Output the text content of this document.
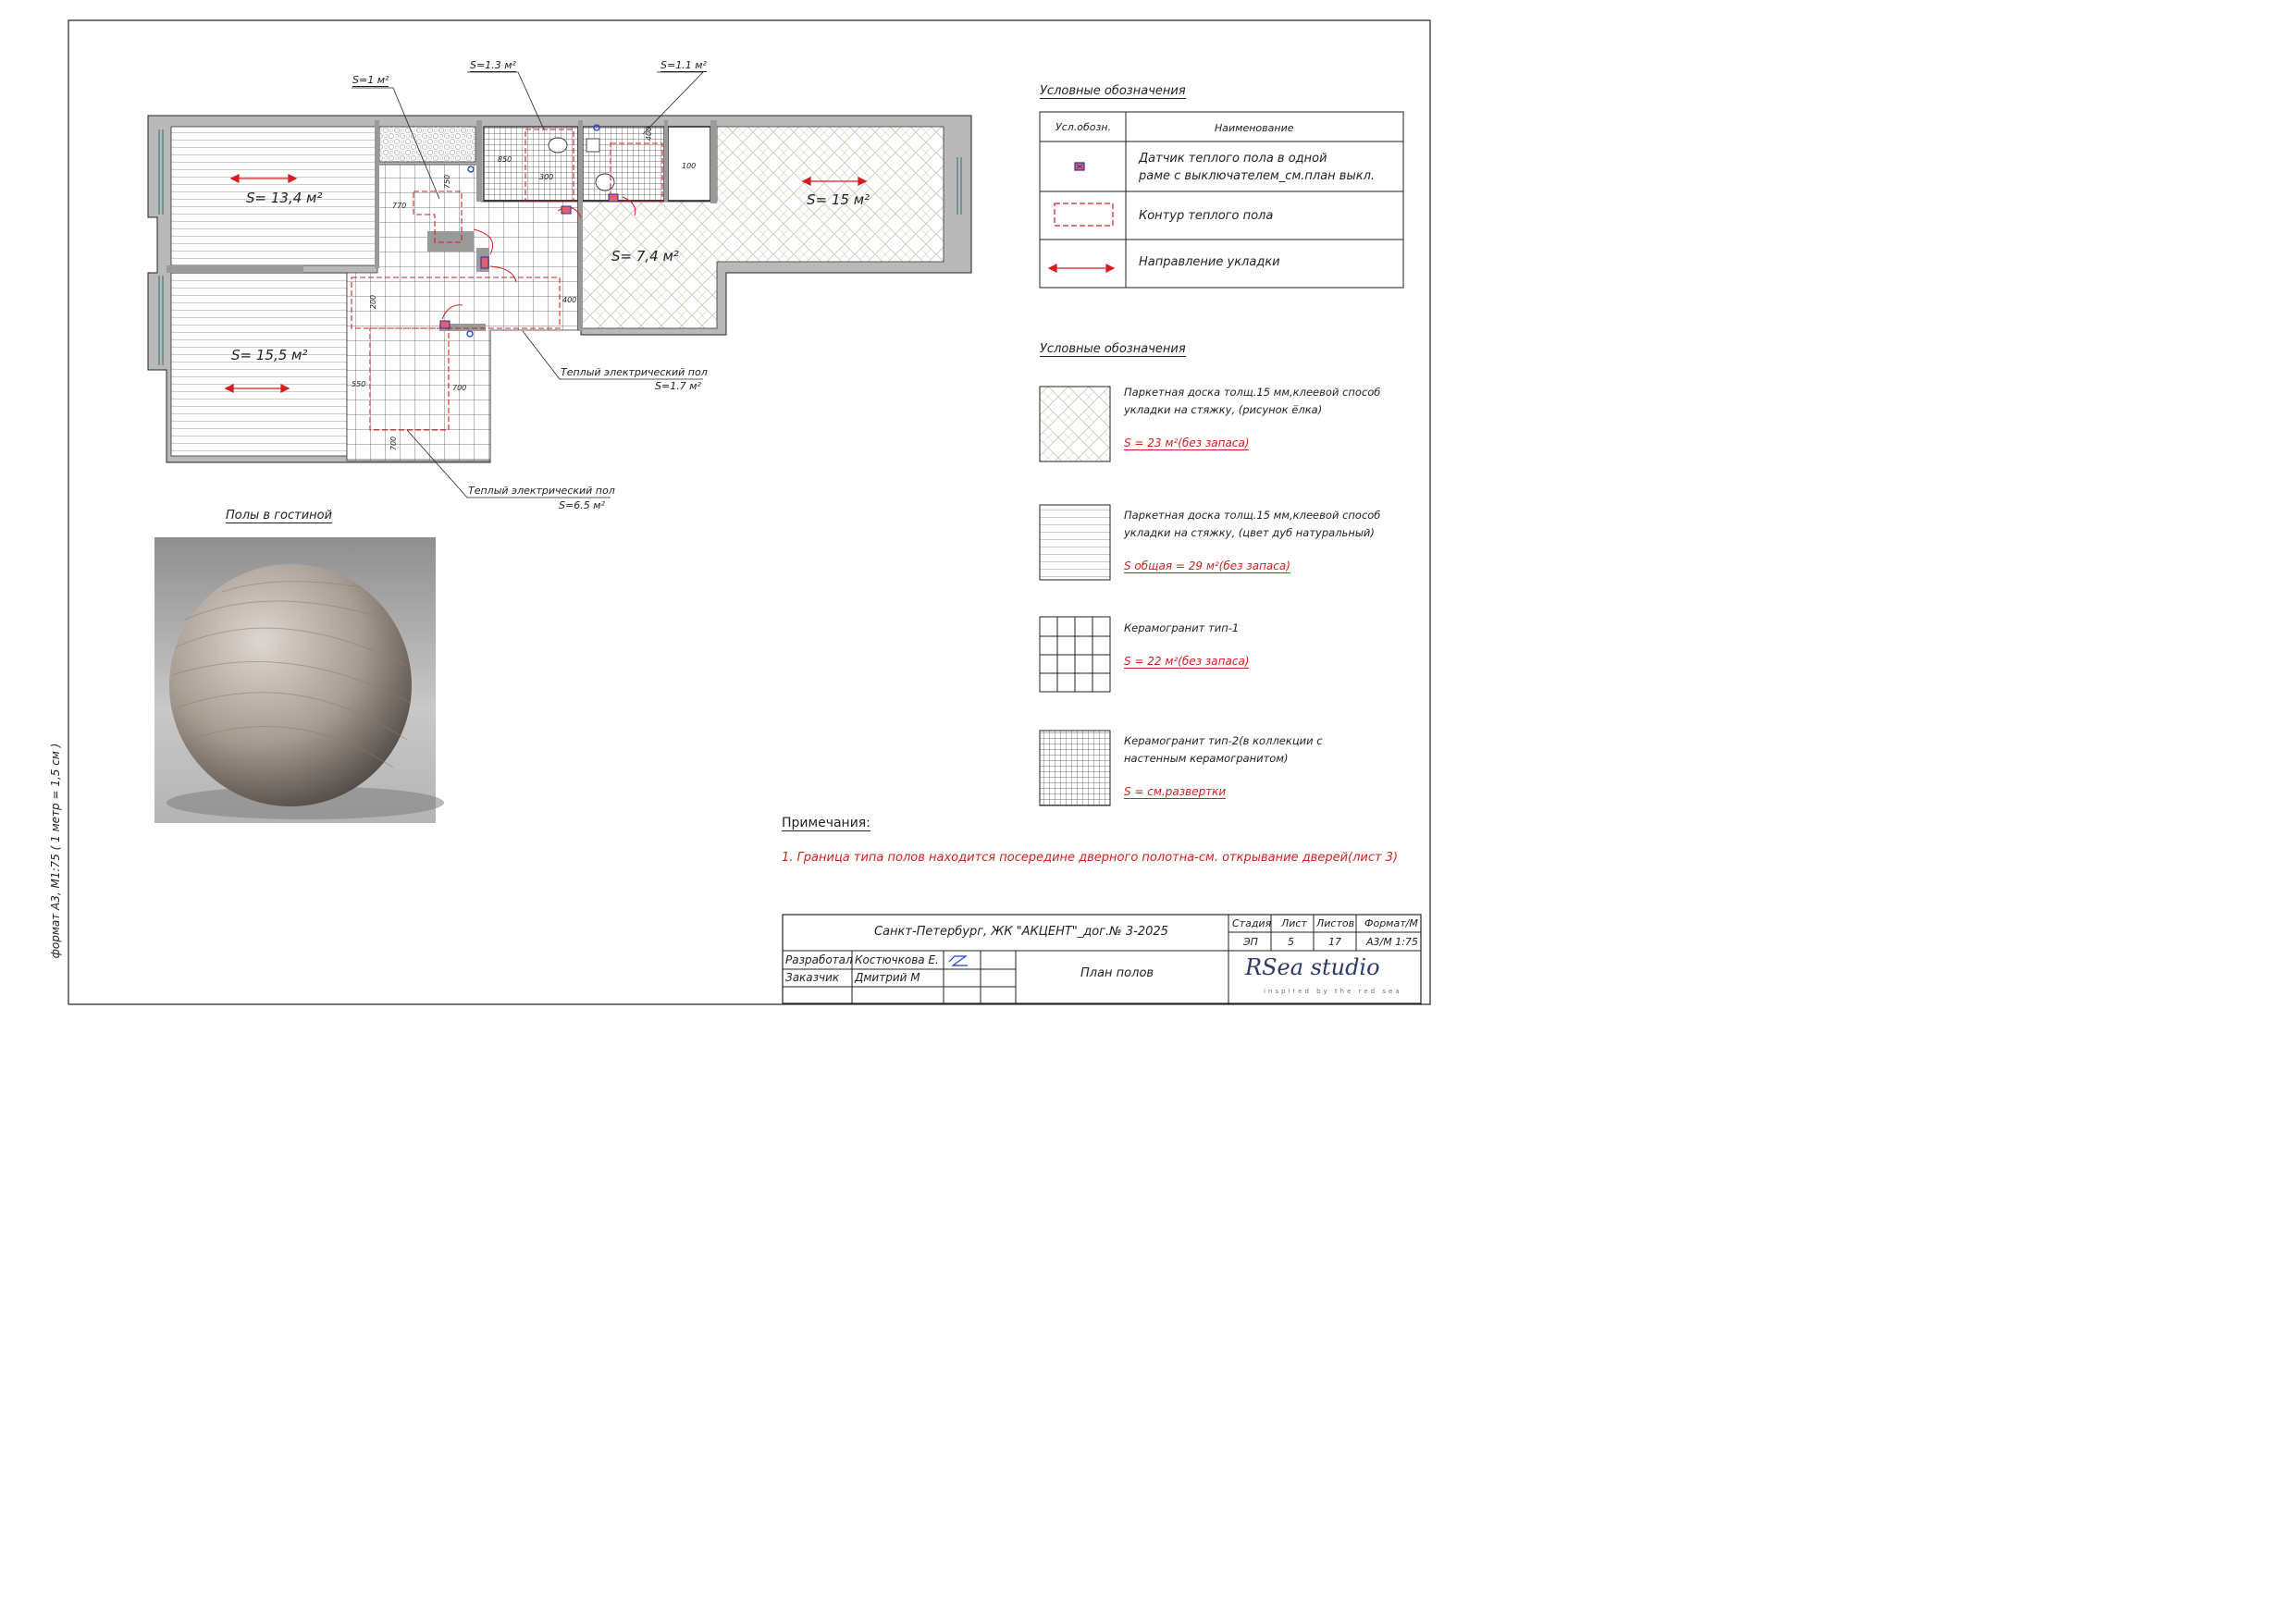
S= 13,4 м²
S= 15,5 м²
S= 7,4 м²
S= 15 м²
S=1 м²
S=1.3 м²	S=1.1 м²
Теплый электрический пол
S=1.7 м²
Теплый электрический пол
S=6.5 м²
750
770
850
300
400
100
200	400
550	700
700
Полы в гостиной
Условные обозначения
Усл.обозн.	Наименование
Датчик теплого пола в одной
раме с выключателем_см.план выкл.
Контур теплого пола
Направление укладки
Условные обозначения
Паркетная доска толщ.15 мм,клеевой способ
укладки на стяжку, (рисунок ёлка)
S = 23 м²(без запаса)
Паркетная доска толщ.15 мм,клеевой способ
укладки на стяжку, (цвет дуб натуральный)
S общая = 29 м²(без запаса)
Керамогранит тип-1
S = 22 м²(без запаса)
Керамогранит тип-2(в коллекции с
настенным керамогранитом)
S = см.развертки
Примечания:
1. Граница типа полов находится посередине дверного полотна-см. открывание дверей(лист 3)
формат А3, М1:75 ( 1 метр = 1,5 см )	Санкт-Петербург, ЖК "АКЦЕНТ"_дог.№ 3-2025
Стадия Лист Листов Формат/М
ЭП	5	17 А3/М 1:75
Разработал Костючкова Е.
Заказчик Дмитрий М	План полов	RSea studio
inspired by the red sea
